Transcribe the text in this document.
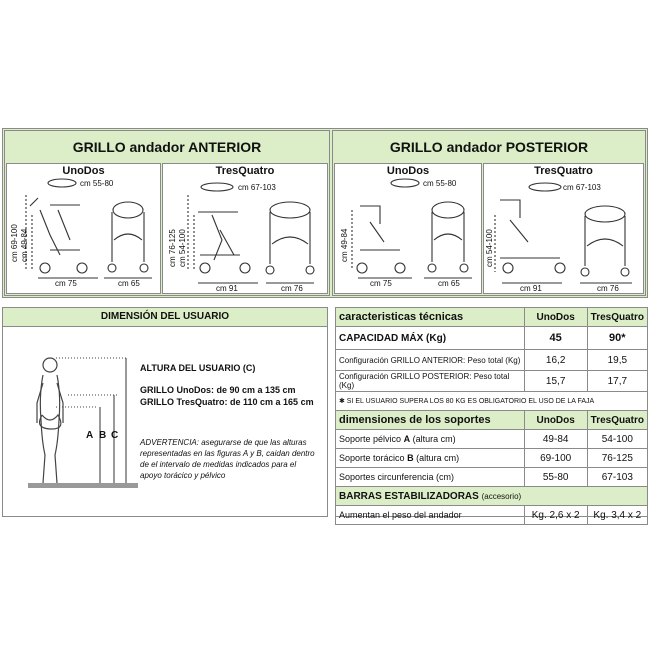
GRILLO andador ANTERIOR
UnoDos	TresQuatro
GRILLO andador POSTERIOR
UnoDos	TresQuatro
cm 55-80
cm 69-100 cm 49-84
cm 75	cm 65
cm 67-103
cm 76-125 cm 54-100
cm 91	cm 76
cm 55-80
cm 49-84
cm 75	cm 65
cm 67-103
cm 54-100
cm 91	cm 76
DIMENSIÓN DEL USUARIO
A B C
ALTURA DEL USUARIO (C)
GRILLO UnoDos: de 90 cm a 135 cm
GRILLO TresQuatro: de 110 cm a 165 cm
ADVERTENCIA: asegurarse de que las alturas representadas en las figuras A y B, caidan dentro de el intervalo de medidas indicados para el apoyo torácico y pélvico
caracteristicas técnicas	UnoDos	TresQuatro
CAPACIDAD MÁX (Kg)	45	90*
Configuración GRILLO ANTERIOR: Peso total (Kg)	16,2	19,5
Configuración GRILLO POSTERIOR: Peso total (Kg)	15,7	17,7
✱ SI EL USUARIO SUPERA LOS 80 KG ES OBLIGATORIO EL USO DE LA FAJA		
dimensiones de los soportes	UnoDos	TresQuatro
Soporte pélvico A (altura cm)	49-84	54-100
Soporte torácico B (altura cm)	69-100	76-125
Soportes circunferencia (cm)	55-80	67-103
BARRAS ESTABILIZADORAS (accesorio)		
Aumentan el peso del andador	Kg. 2,6 x 2	Kg. 3,4 x 2
